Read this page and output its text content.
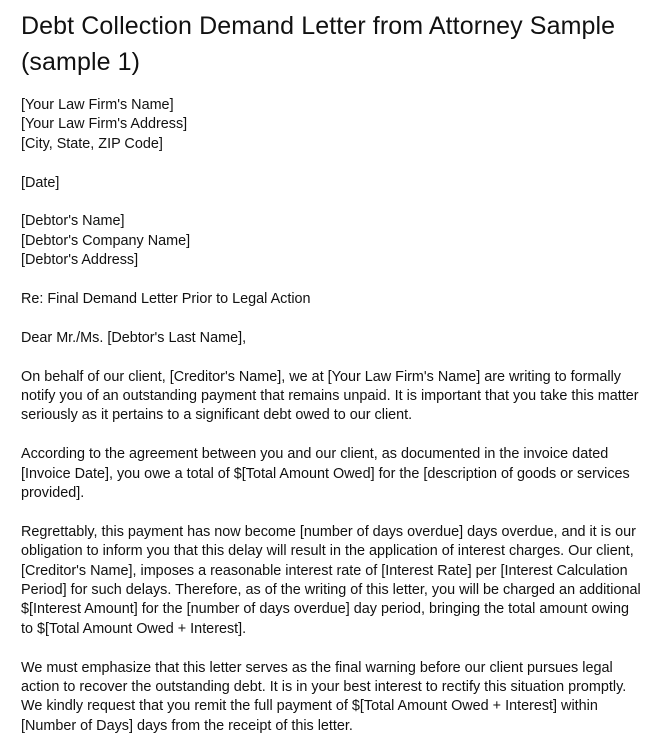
Debt Collection Demand Letter from Attorney Sample (sample 1)
[Your Law Firm's Name]
[Your Law Firm's Address]
[City, State, ZIP Code]
[Date]
[Debtor's Name]
[Debtor's Company Name]
[Debtor's Address]
Re: Final Demand Letter Prior to Legal Action
Dear Mr./Ms. [Debtor's Last Name],

On behalf of our client, [Creditor's Name], we at [Your Law Firm's Name] are writing to formally notify you of an outstanding payment that remains unpaid. It is important that you take this matter seriously as it pertains to a significant debt owed to our client.

According to the agreement between you and our client, as documented in the invoice dated [Invoice Date], you owe a total of $[Total Amount Owed] for the [description of goods or services provided].

Regrettably, this payment has now become [number of days overdue] days overdue, and it is our obligation to inform you that this delay will result in the application of interest charges. Our client, [Creditor's Name], imposes a reasonable interest rate of [Interest Rate] per [Interest Calculation Period] for such delays. Therefore, as of the writing of this letter, you will be charged an additional $[Interest Amount] for the [number of days overdue] day period, bringing the total amount owing to $[Total Amount Owed + Interest].

We must emphasize that this letter serves as the final warning before our client pursues legal action to recover the outstanding debt. It is in your best interest to rectify this situation promptly. We kindly request that you remit the full payment of $[Total Amount Owed + Interest] within [Number of Days] days from the receipt of this letter.
